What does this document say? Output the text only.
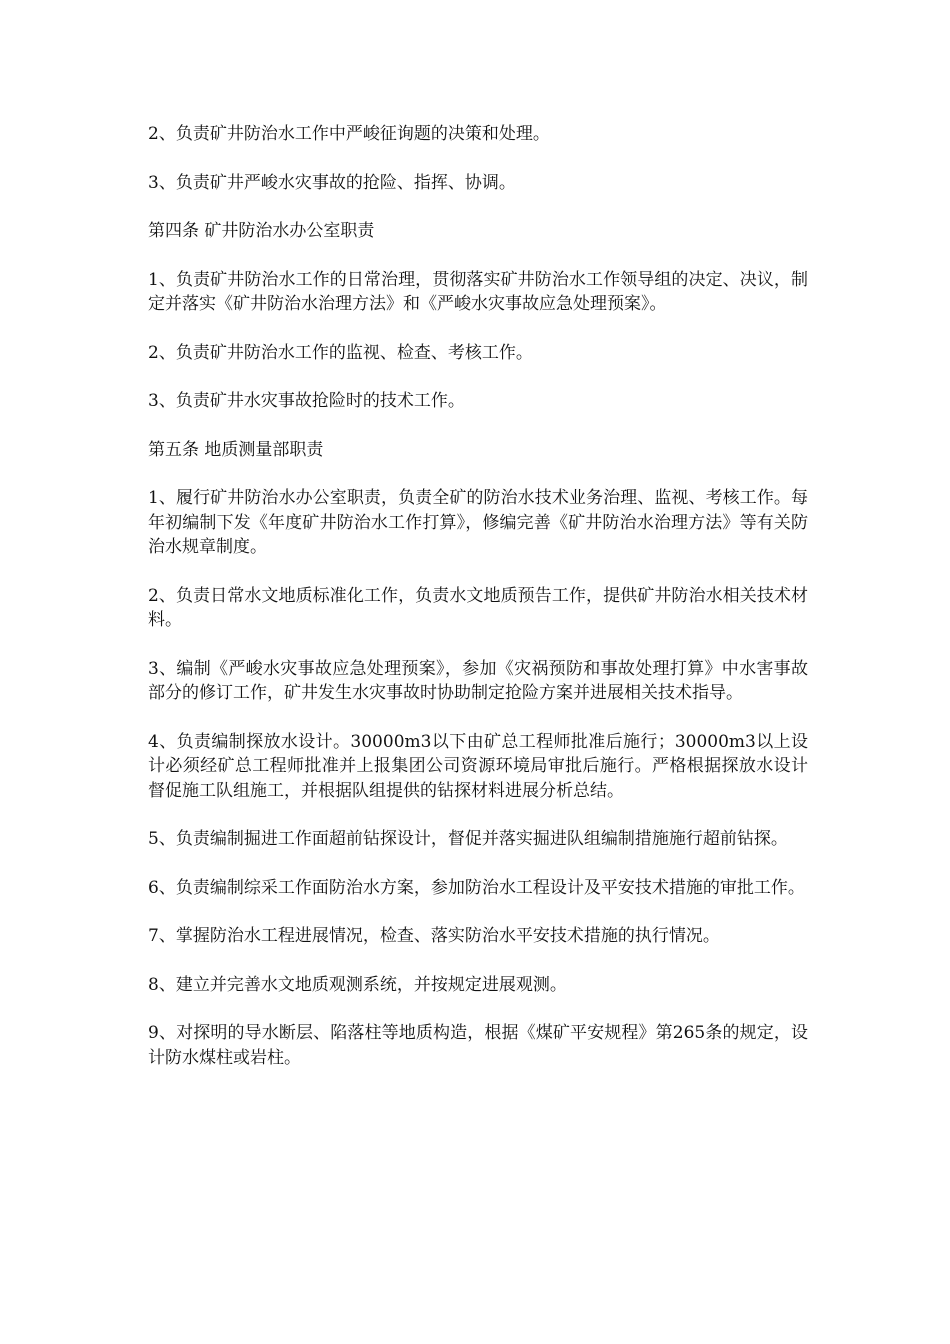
2、负责矿井防治水工作中严峻征询题的决策和处理。

3、负责矿井严峻水灾事故的抢险、指挥、协调。

第四条 矿井防治水办公室职责

1、负责矿井防治水工作的日常治理，贯彻落实矿井防治水工作领导组的决定、决议，制定并落实《矿井防治水治理方法》和《严峻水灾事故应急处理预案》。

2、负责矿井防治水工作的监视、检查、考核工作。

3、负责矿井水灾事故抢险时的技术工作。

第五条 地质测量部职责

1、履行矿井防治水办公室职责，负责全矿的防治水技术业务治理、监视、考核工作。每年初编制下发《年度矿井防治水工作打算》，修编完善《矿井防治水治理方法》等有关防治水规章制度。

2、负责日常水文地质标准化工作，负责水文地质预告工作，提供矿井防治水相关技术材料。

3、编制《严峻水灾事故应急处理预案》，参加《灾祸预防和事故处理打算》中水害事故部分的修订工作，矿井发生水灾事故时协助制定抢险方案并进展相关技术指导。

4、负责编制探放水设计。30000m3以下由矿总工程师批准后施行；30000m3以上设计必须经矿总工程师批准并上报集团公司资源环境局审批后施行。严格根据探放水设计督促施工队组施工，并根据队组提供的钻探材料进展分析总结。

5、负责编制掘进工作面超前钻探设计，督促并落实掘进队组编制措施施行超前钻探。

6、负责编制综采工作面防治水方案，参加防治水工程设计及平安技术措施的审批工作。

7、掌握防治水工程进展情况，检查、落实防治水平安技术措施的执行情况。

8、建立并完善水文地质观测系统，并按规定进展观测。

9、对探明的导水断层、陷落柱等地质构造，根据《煤矿平安规程》第265条的规定，设计防水煤柱或岩柱。
